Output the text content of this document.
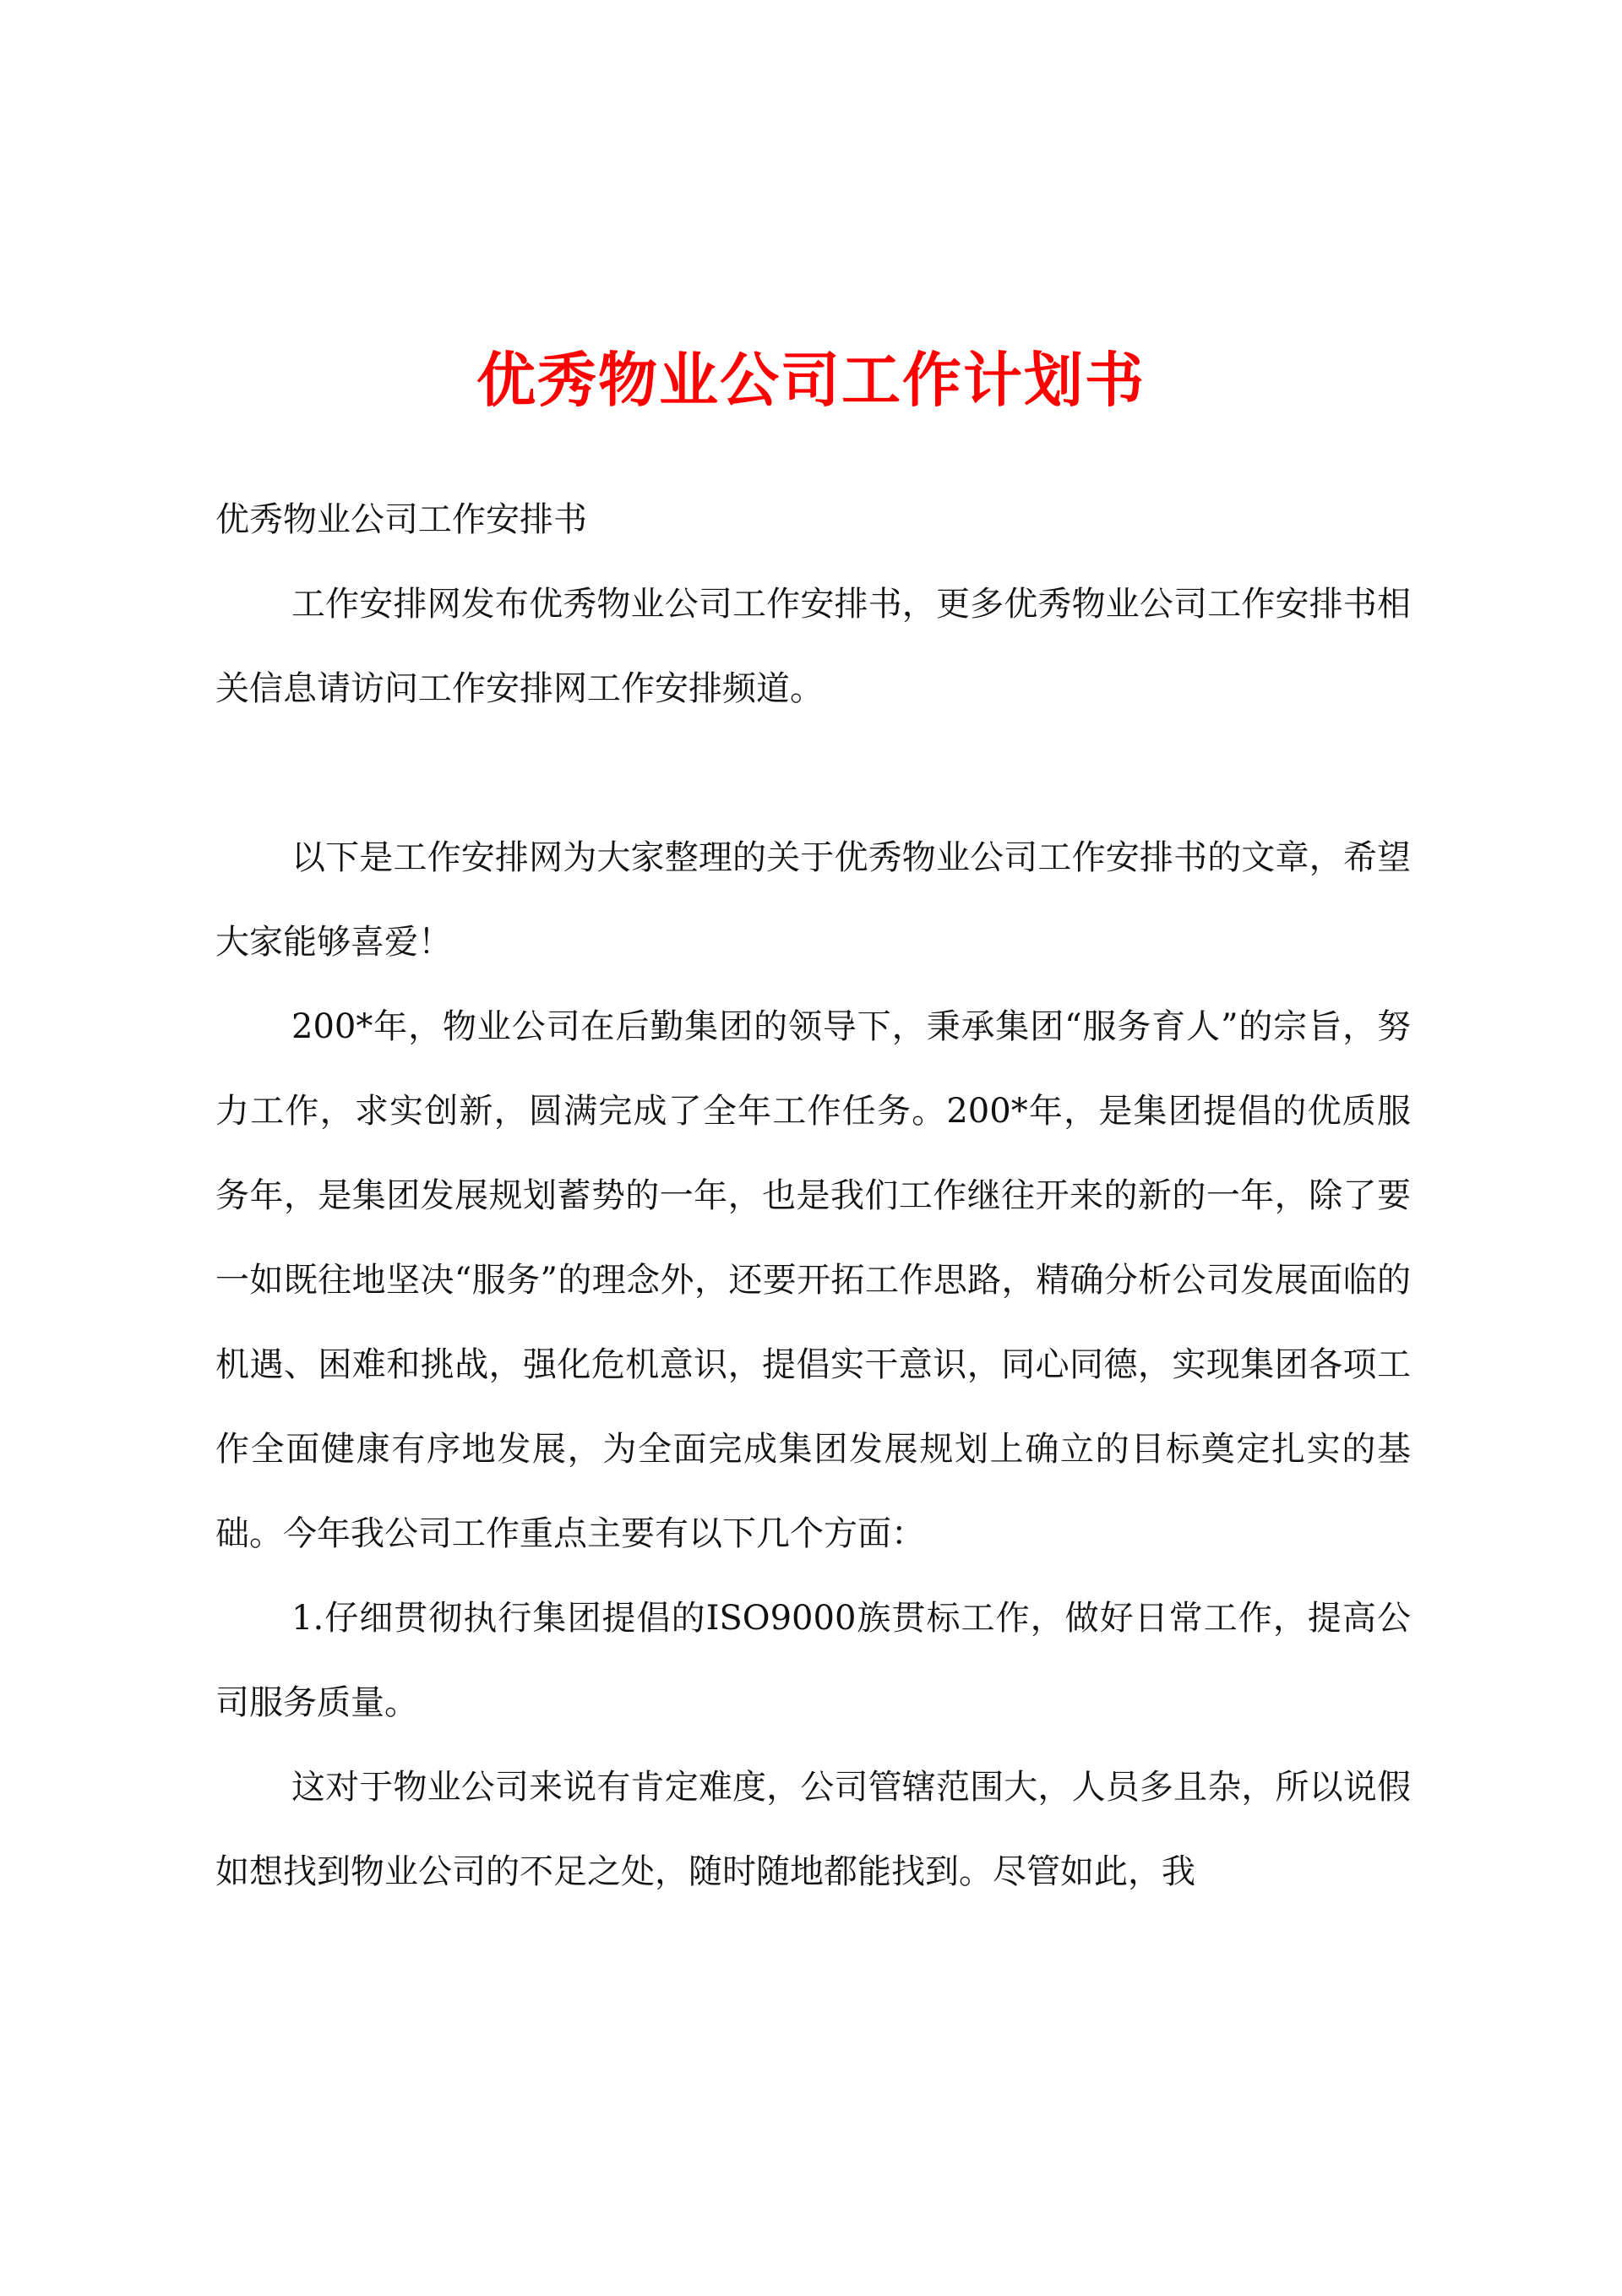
优秀物业公司工作计划书

优秀物业公司工作安排书

工作安排网发布优秀物业公司工作安排书，更多优秀物业公司工作安排书相关信息请访问工作安排网工作安排频道。

以下是工作安排网为大家整理的关于优秀物业公司工作安排书的文章，希望大家能够喜爱！

200*年，物业公司在后勤集团的领导下，秉承集团“服务育人”的宗旨，努力工作，求实创新，圆满完成了全年工作任务。200*年，是集团提倡的优质服务年，是集团发展规划蓄势的一年，也是我们工作继往开来的新的一年，除了要一如既往地坚决“服务”的理念外，还要开拓工作思路，精确分析公司发展面临的机遇、困难和挑战，强化危机意识，提倡实干意识，同心同德，实现集团各项工作全面健康有序地发展，为全面完成集团发展规划上确立的目标奠定扎实的基础。今年我公司工作重点主要有以下几个方面：

1.仔细贯彻执行集团提倡的ISO9000族贯标工作，做好日常工作，提高公司服务质量。

这对于物业公司来说有肯定难度，公司管辖范围大，人员多且杂，所以说假如想找到物业公司的不足之处，随时随地都能找到。尽管如此，我
